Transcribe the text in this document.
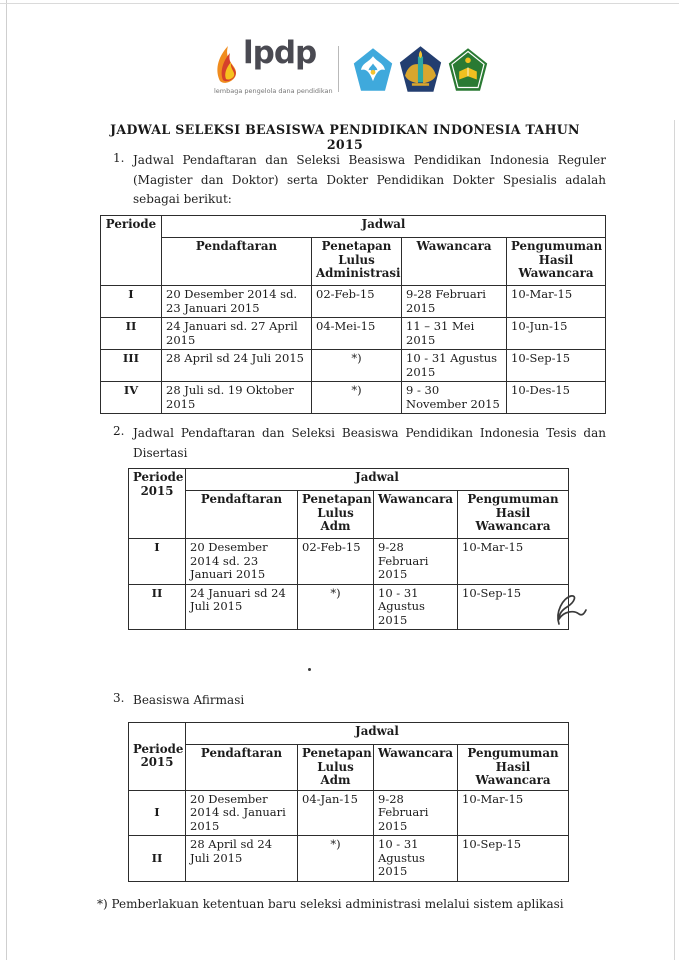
lpdp
lembaga pengelola dana pendidikan
JADWAL SELEKSI BEASISWA PENDIDIKAN INDONESIA TAHUN 2015
1. Jadwal Pendaftaran dan Seleksi Beasiswa Pendidikan Indonesia Reguler (Magister dan Doktor) serta Dokter Pendidikan Dokter Spesialis adalah sebagai berikut:
Periode	Jadwal			
	Pendaftaran	Penetapan Lulus Administrasi	Wawancara	Pengumuman Hasil Wawancara
I	20 Desember 2014 sd. 23 Januari 2015	02-Feb-15	9-28 Februari 2015	10-Mar-15
II	24 Januari sd. 27 April 2015	04-Mei-15	11 – 31 Mei 2015	10-Jun-15
III	28 April sd 24 Juli 2015	*)	10 - 31 Agustus 2015	10-Sep-15
IV	28 Juli sd. 19 Oktober 2015	*)	9 - 30 November 2015	10-Des-15
2. Jadwal Pendaftaran dan Seleksi Beasiswa Pendidikan Indonesia Tesis dan Disertasi
Periode 2015	Jadwal			
	Pendaftaran	Penetapan Lulus Adm	Wawancara	Pengumuman Hasil Wawancara
I	20 Desember 2014 sd. 23 Januari 2015	02-Feb-15	9-28 Februari 2015	10-Mar-15
II	24 Januari sd 24 Juli 2015	*)	10 - 31 Agustus 2015	10-Sep-15
3. Beasiswa Afirmasi
Periode 2015	Jadwal			
	Pendaftaran	Penetapan Lulus Adm	Wawancara	Pengumuman Hasil Wawancara
I	20 Desember 2014 sd. Januari 2015	04-Jan-15	9-28 Februari 2015	10-Mar-15
II	28 April sd 24 Juli 2015	*)	10 - 31 Agustus 2015	10-Sep-15
*) Pemberlakuan ketentuan baru seleksi administrasi melalui sistem aplikasi
